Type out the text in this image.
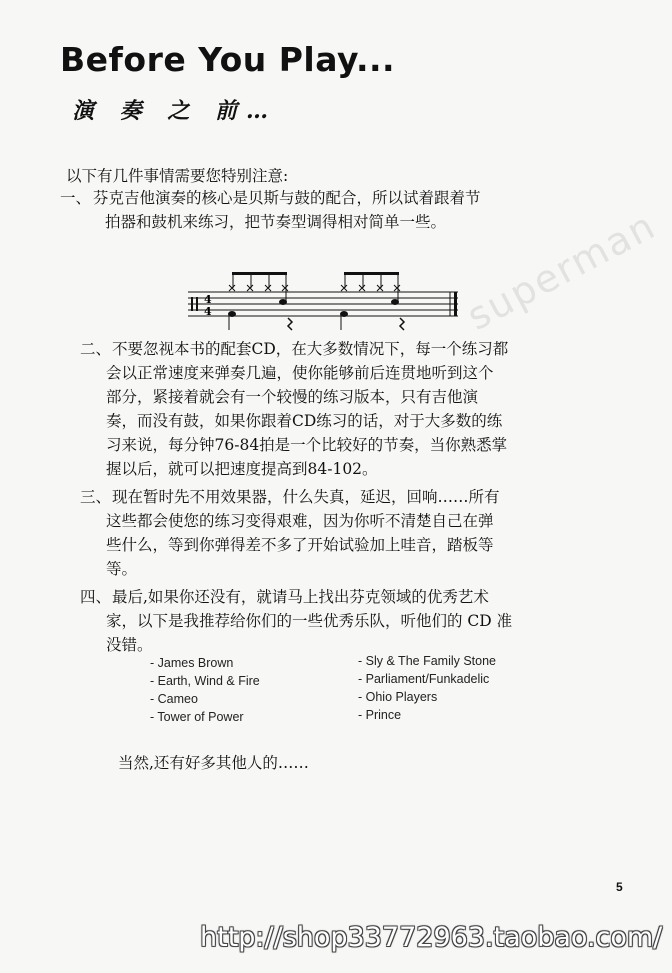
Before You Play...
演 奏 之 前…
以下有几件事情需要您特别注意:
一、 芬克吉他演奏的核心是贝斯与鼓的配合，所以试着跟着节
拍器和鼓机来练习，把节奏型调得相对简单一些。
4
4
二、 不要忽视本书的配套CD，在大多数情况下，每一个练习都
会以正常速度来弹奏几遍，使你能够前后连贯地听到这个
部分，紧接着就会有一个较慢的练习版本，只有吉他演
奏，而没有鼓，如果你跟着CD练习的话，对于大多数的练
习来说，每分钟76-84拍是一个比较好的节奏，当你熟悉掌
握以后，就可以把速度提高到84-102。
三、 现在暂时先不用效果器，什么失真，延迟，回响……所有
这些都会使您的练习变得艰难，因为你听不清楚自己在弹
些什么，等到你弹得差不多了开始试验加上哇音，踏板等
等。
四、 最后,如果你还没有，就请马上找出芬克领域的优秀艺术
家，以下是我推荐给你们的一些优秀乐队，听他们的 CD 准
没错。
- James Brown
- Earth, Wind & Fire
- Cameo
- Tower of Power
- Sly & The Family Stone
- Parliament/Funkadelic
- Ohio Players
- Prince
当然,还有好多其他人的……
superman
5
http://shop33772963.taobao.com/
